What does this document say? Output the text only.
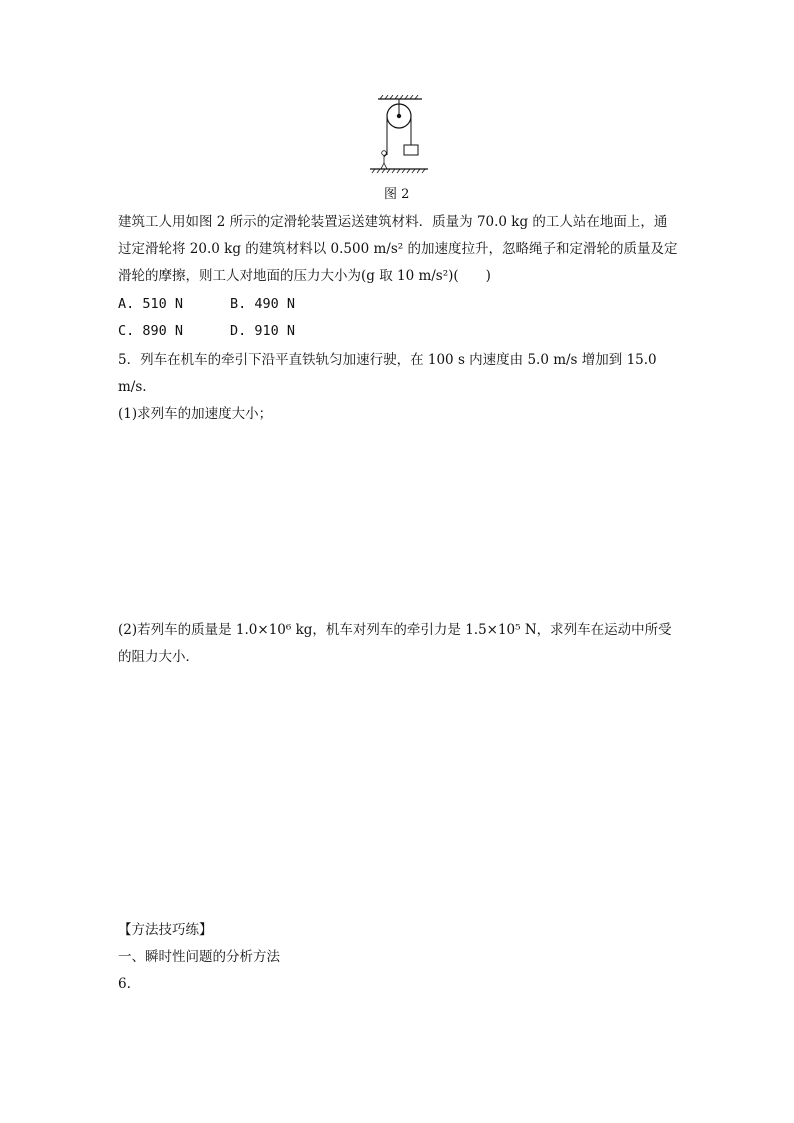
图 2
建筑工人用如图 2 所示的定滑轮装置运送建筑材料．质量为 70.0 kg 的工人站在地面上，通
过定滑轮将 20.0 kg 的建筑材料以 0.500 m/s² 的加速度拉升，忽略绳子和定滑轮的质量及定
滑轮的摩擦，则工人对地面的压力大小为(g 取 10 m/s²)(　　)
A. 510 N	B. 490 N
C. 890 N	D. 910 N
5．列车在机车的牵引下沿平直铁轨匀加速行驶，在 100 s 内速度由 5.0 m/s 增加到 15.0
m/s.
(1)求列车的加速度大小；
(2)若列车的质量是 1.0×10⁶ kg，机车对列车的牵引力是 1.5×10⁵ N，求列车在运动中所受
的阻力大小．
【方法技巧练】
一、瞬时性问题的分析方法
6.
